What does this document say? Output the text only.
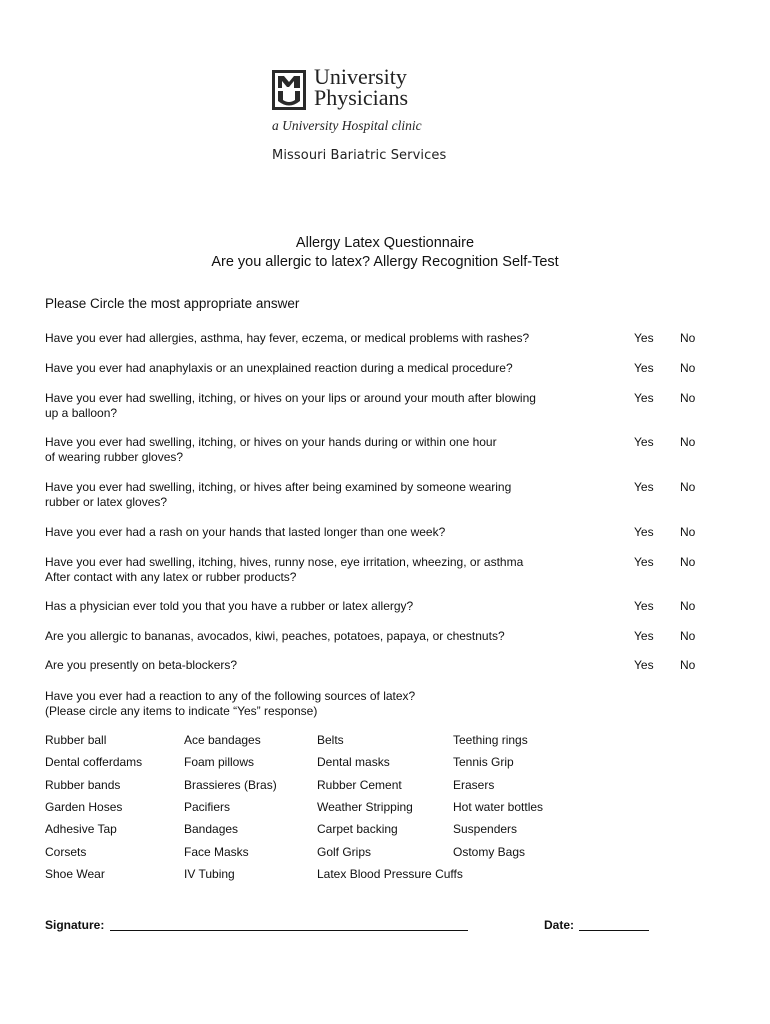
University
Physicians
a University Hospital clinic
Missouri Bariatric Services
Allergy Latex Questionnaire
Are you allergic to latex? Allergy Recognition Self-Test
Please Circle the most appropriate answer
Have you ever had allergies, asthma, hay fever, eczema, or medical problems with rashes?	Yes No
Have you ever had anaphylaxis or an unexplained reaction during a medical procedure?	Yes No
Have you ever had swelling, itching, or hives on your lips or around your mouth after blowing
up a balloon?
Yes No
Have you ever had swelling, itching, or hives on your hands during or within one hour
of wearing rubber gloves?
Yes No
Have you ever had swelling, itching, or hives after being examined by someone wearing
rubber or latex gloves?
Yes No
Have you ever had a rash on your hands that lasted longer than one week?	Yes No
Have you ever had swelling, itching, hives, runny nose, eye irritation, wheezing, or asthma
After contact with any latex or rubber products?
Yes No
Has a physician ever told you that you have a rubber or latex allergy?	Yes No
Are you allergic to bananas, avocados, kiwi, peaches, potatoes, papaya, or chestnuts?	Yes No
Are you presently on beta-blockers?	Yes No
Have you ever had a reaction to any of the following sources of latex?
(Please circle any items to indicate “Yes” response)
Rubber ball	Ace bandages	Belts	Teething rings
Dental cofferdams	Foam pillows	Dental masks	Tennis Grip
Rubber bands	Brassieres (Bras)	Rubber Cement	Erasers
Garden Hoses	Pacifiers	Weather Stripping	Hot water bottles
Adhesive Tap	Bandages	Carpet backing	Suspenders
Corsets	Face Masks	Golf Grips	Ostomy Bags
Shoe Wear	IV Tubing	Latex Blood Pressure Cuffs
Signature:	Date:
